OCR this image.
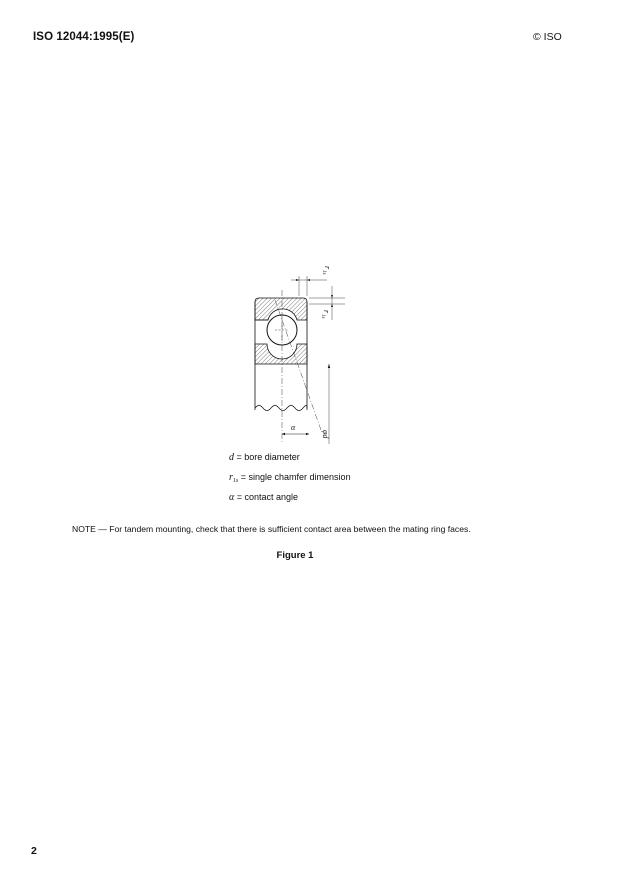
ISO 12044:1995(E)	© ISO
α
r
1s
r
1s
φd
d = bore diameter
$r_{1s}$ = single chamfer dimension
α = contact angle
NOTE — For tandem mounting, check that there is sufficient contact area between the mating ring faces.
Figure 1
2
